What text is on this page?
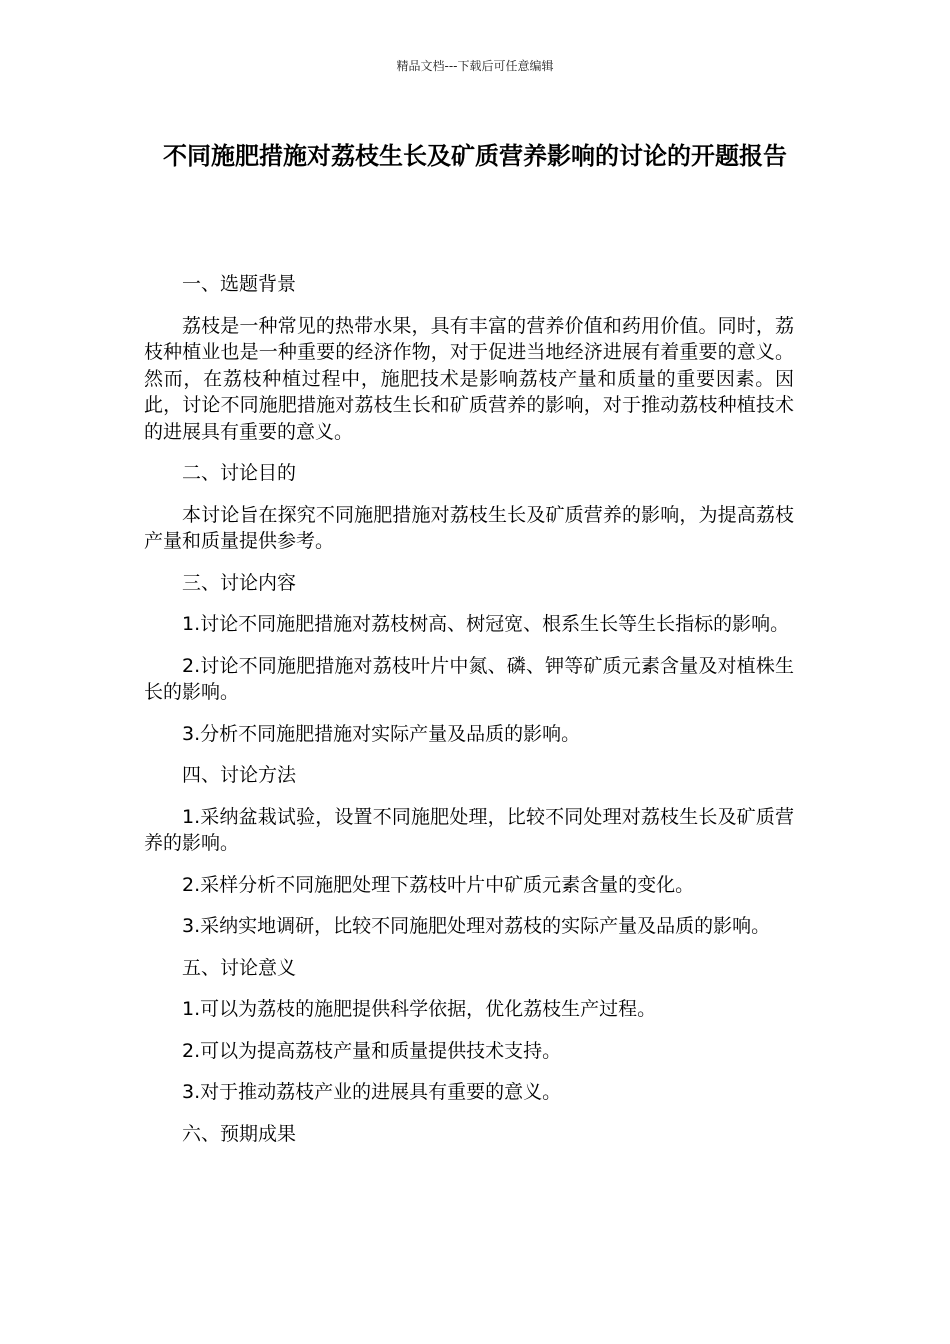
精品文档---下载后可任意编辑
不同施肥措施对荔枝生长及矿质营养影响的讨论的开题报告

一、选题背景

荔枝是一种常见的热带水果，具有丰富的营养价值和药用价值。同时，荔枝种植业也是一种重要的经济作物，对于促进当地经济进展有着重要的意义。然而，在荔枝种植过程中，施肥技术是影响荔枝产量和质量的重要因素。因此，讨论不同施肥措施对荔枝生长和矿质营养的影响，对于推动荔枝种植技术的进展具有重要的意义。

二、讨论目的

本讨论旨在探究不同施肥措施对荔枝生长及矿质营养的影响，为提高荔枝产量和质量提供参考。

三、讨论内容

1.讨论不同施肥措施对荔枝树高、树冠宽、根系生长等生长指标的影响。

2.讨论不同施肥措施对荔枝叶片中氮、磷、钾等矿质元素含量及对植株生长的影响。

3.分析不同施肥措施对实际产量及品质的影响。

四、讨论方法

1.采纳盆栽试验，设置不同施肥处理，比较不同处理对荔枝生长及矿质营养的影响。

2.采样分析不同施肥处理下荔枝叶片中矿质元素含量的变化。

3.采纳实地调研，比较不同施肥处理对荔枝的实际产量及品质的影响。

五、讨论意义

1.可以为荔枝的施肥提供科学依据，优化荔枝生产过程。

2.可以为提高荔枝产量和质量提供技术支持。

3.对于推动荔枝产业的进展具有重要的意义。

六、预期成果
